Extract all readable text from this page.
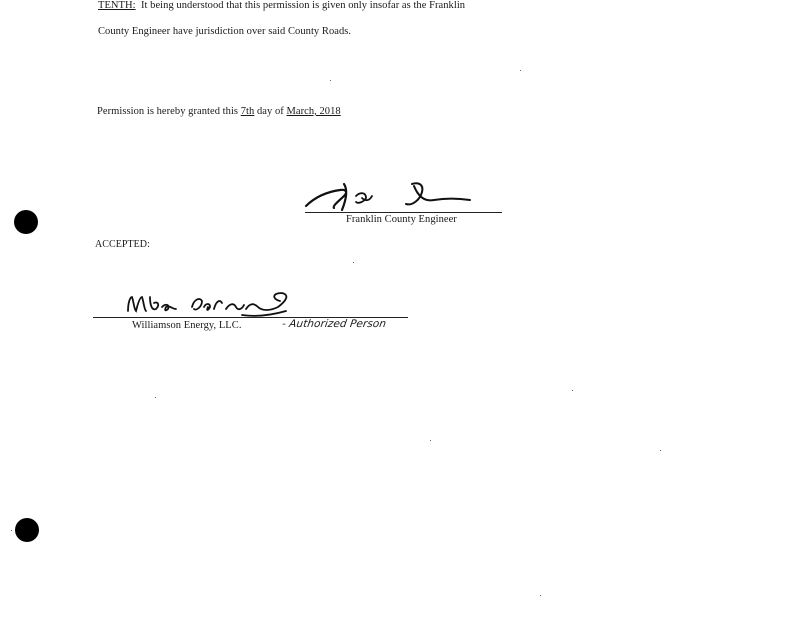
TENTH:  It being understood that this permission is given only insofar as the Franklin
County Engineer have jurisdiction over said County Roads.
Permission is hereby granted this 7th day of March, 2018
Franklin County Engineer
ACCEPTED:
Williamson Energy, LLC.	- Authorized Person
